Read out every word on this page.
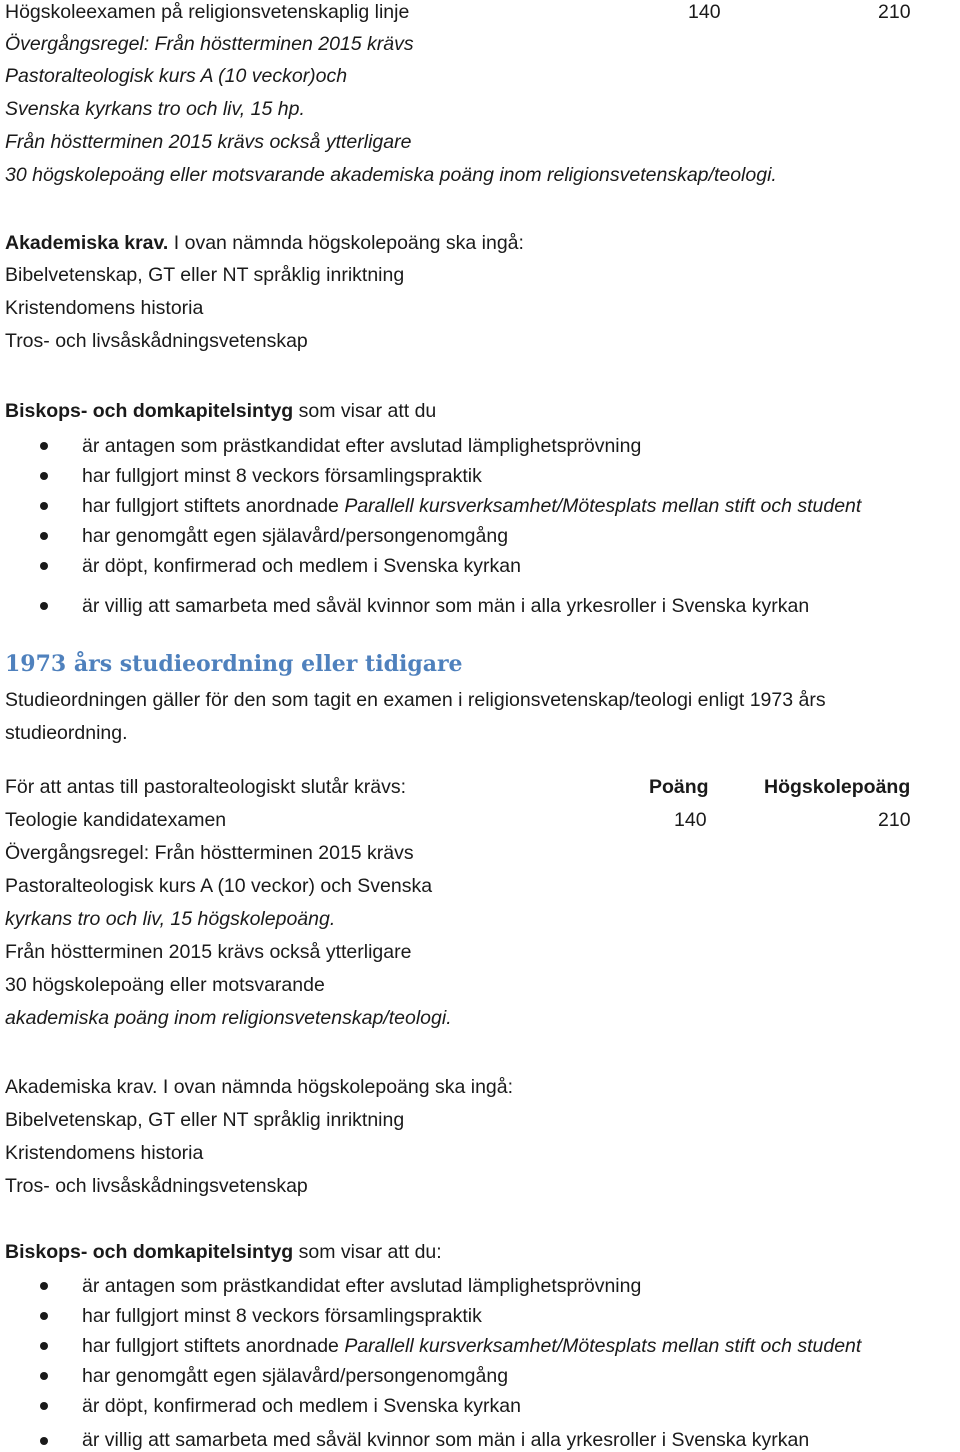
Högskoleexamen på religionsvetenskaplig linje	140	210
Övergångsregel: Från höstterminen 2015 krävs
Pastoralteologisk kurs A (10 veckor)och
Svenska kyrkans tro och liv, 15 hp.
Från höstterminen 2015 krävs också ytterligare
30 högskolepoäng eller motsvarande akademiska poäng inom religionsvetenskap/teologi.
Akademiska krav. I ovan nämnda högskolepoäng ska ingå:
Bibelvetenskap, GT eller NT språklig inriktning
Kristendomens historia
Tros- och livsåskådningsvetenskap
Biskops- och domkapitelsintyg som visar att du
är antagen som prästkandidat efter avslutad lämplighetsprövning
har fullgjort minst 8 veckors församlingspraktik
har fullgjort stiftets anordnade Parallell kursverksamhet/Mötesplats mellan stift och student
har genomgått egen själavård/persongenomgång
är döpt, konfirmerad och medlem i Svenska kyrkan
är villig att samarbeta med såväl kvinnor som män i alla yrkesroller i Svenska kyrkan
1973 års studieordning eller tidigare
Studieordningen gäller för den som tagit en examen i religionsvetenskap/teologi enligt 1973 års
studieordning.
För att antas till pastoralteologiskt slutår krävs:	Poäng	Högskolepoäng
Teologie kandidatexamen	140	210
Övergångsregel: Från höstterminen 2015 krävs
Pastoralteologisk kurs A (10 veckor) och Svenska
kyrkans tro och liv, 15 högskolepoäng.
Från höstterminen 2015 krävs också ytterligare
30 högskolepoäng eller motsvarande
akademiska poäng inom religionsvetenskap/teologi.
Akademiska krav. I ovan nämnda högskolepoäng ska ingå:
Bibelvetenskap, GT eller NT språklig inriktning
Kristendomens historia
Tros- och livsåskådningsvetenskap
Biskops- och domkapitelsintyg som visar att du:
är antagen som prästkandidat efter avslutad lämplighetsprövning
har fullgjort minst 8 veckors församlingspraktik
har fullgjort stiftets anordnade Parallell kursverksamhet/Mötesplats mellan stift och student
har genomgått egen själavård/persongenomgång
är döpt, konfirmerad och medlem i Svenska kyrkan
är villig att samarbeta med såväl kvinnor som män i alla yrkesroller i Svenska kyrkan
